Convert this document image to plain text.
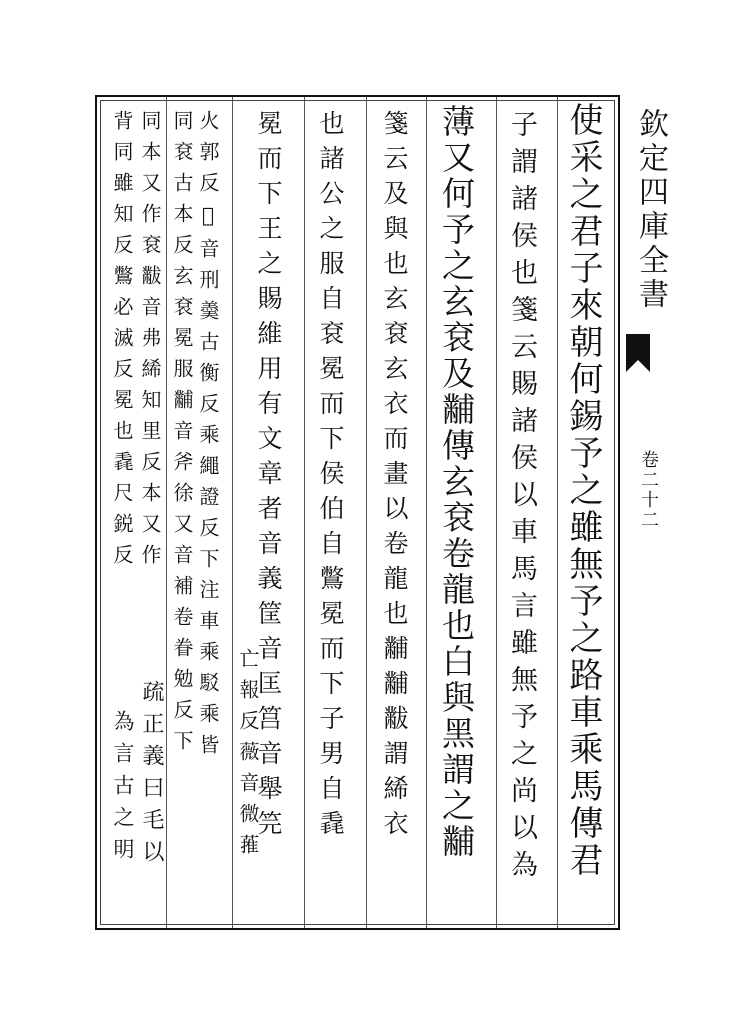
欽定四庫全書
卷二十二
使采之君子來朝何錫予之雖無予之路車乘馬傳君
子謂諸侯也箋云賜諸侯以車馬言雖無予之尚以為
薄又何予之玄袞及黼傳玄袞卷龍也白與黑謂之黼
箋云及與也玄袞玄衣而畫以卷龍也黼黼黻謂絺衣
也諸公之服自袞冕而下侯伯自鷩冕而下子男自毳
冕而下王之賜維用有文章者音義筐音匡筥音舉笎
亡報反薇音微蓷
火郭反𠜂音刑羮古衡反乘繩證反下注車乘駁乘皆
同袞古本反玄袞冕服黼音斧徐又音補卷眷勉反下
同本又作袞黻音弗絺知里反本又作
疏正義曰毛以
背同雖知反鷩必滅反冕也毳尺鋭反
為言古之明
